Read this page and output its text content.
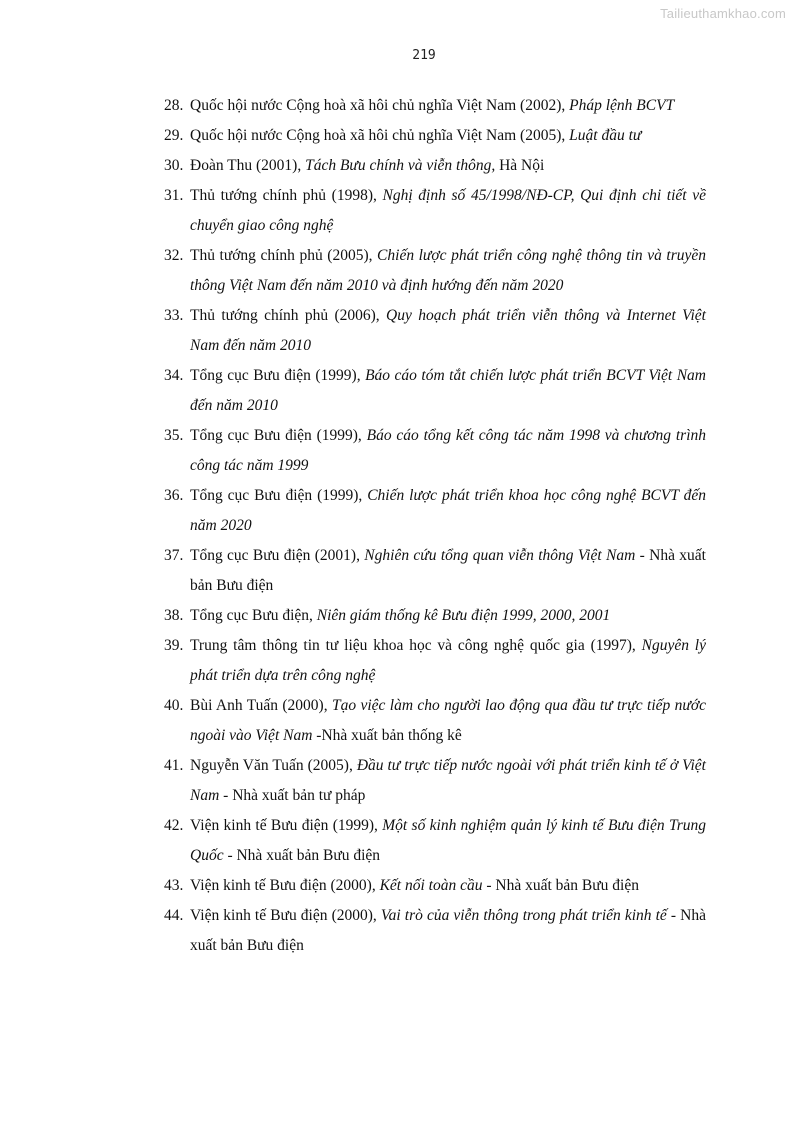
Tailieuthamkhao.com
219
28. Quốc hội nước Cộng hoà xã hôi chủ nghĩa Việt Nam (2002), Pháp lệnh BCVT
29. Quốc hội nước Cộng hoà xã hôi chủ nghĩa Việt Nam (2005), Luật đầu tư
30. Đoàn Thu (2001), Tách Bưu chính và viễn thông, Hà Nội
31. Thủ tướng chính phủ (1998), Nghị định số 45/1998/NĐ-CP, Qui định chi tiết về chuyển giao công nghệ
32. Thủ tướng chính phủ (2005), Chiến lược phát triển công nghệ thông tin và truyền thông Việt Nam đến năm 2010 và định hướng đến năm 2020
33. Thủ tướng chính phủ (2006), Quy hoạch phát triển viễn thông và Internet Việt Nam đến năm 2010
34. Tổng cục Bưu điện (1999), Báo cáo tóm tắt chiến lược phát triển BCVT Việt Nam đến năm 2010
35. Tổng cục Bưu điện (1999), Báo cáo tổng kết công tác năm 1998 và chương trình công tác năm 1999
36. Tổng cục Bưu điện (1999), Chiến lược phát triển khoa học công nghệ BCVT đến năm 2020
37. Tổng cục Bưu điện (2001), Nghiên cứu tổng quan viễn thông Việt Nam - Nhà xuất bản Bưu điện
38. Tổng cục Bưu điện, Niên giám thống kê Bưu điện 1999, 2000, 2001
39. Trung tâm thông tin tư liệu khoa học và công nghệ quốc gia (1997), Nguyên lý phát triển dựa trên công nghệ
40. Bùi Anh Tuấn (2000), Tạo việc làm cho người lao động qua đầu tư trực tiếp nước ngoài vào Việt Nam -Nhà xuất bản thống kê
41. Nguyễn Văn Tuấn (2005), Đầu tư trực tiếp nước ngoài với phát triển kinh tế ở Việt Nam - Nhà xuất bản tư pháp
42. Viện kinh tế Bưu điện (1999), Một số kinh nghiệm quản lý kinh tế Bưu điện Trung Quốc - Nhà xuất bản Bưu điện
43. Viện kinh tế Bưu điện (2000), Kết nối toàn cầu - Nhà xuất bản Bưu điện
44. Viện kinh tế Bưu điện (2000), Vai trò của viễn thông trong phát triển kinh tế - Nhà xuất bản Bưu điện
